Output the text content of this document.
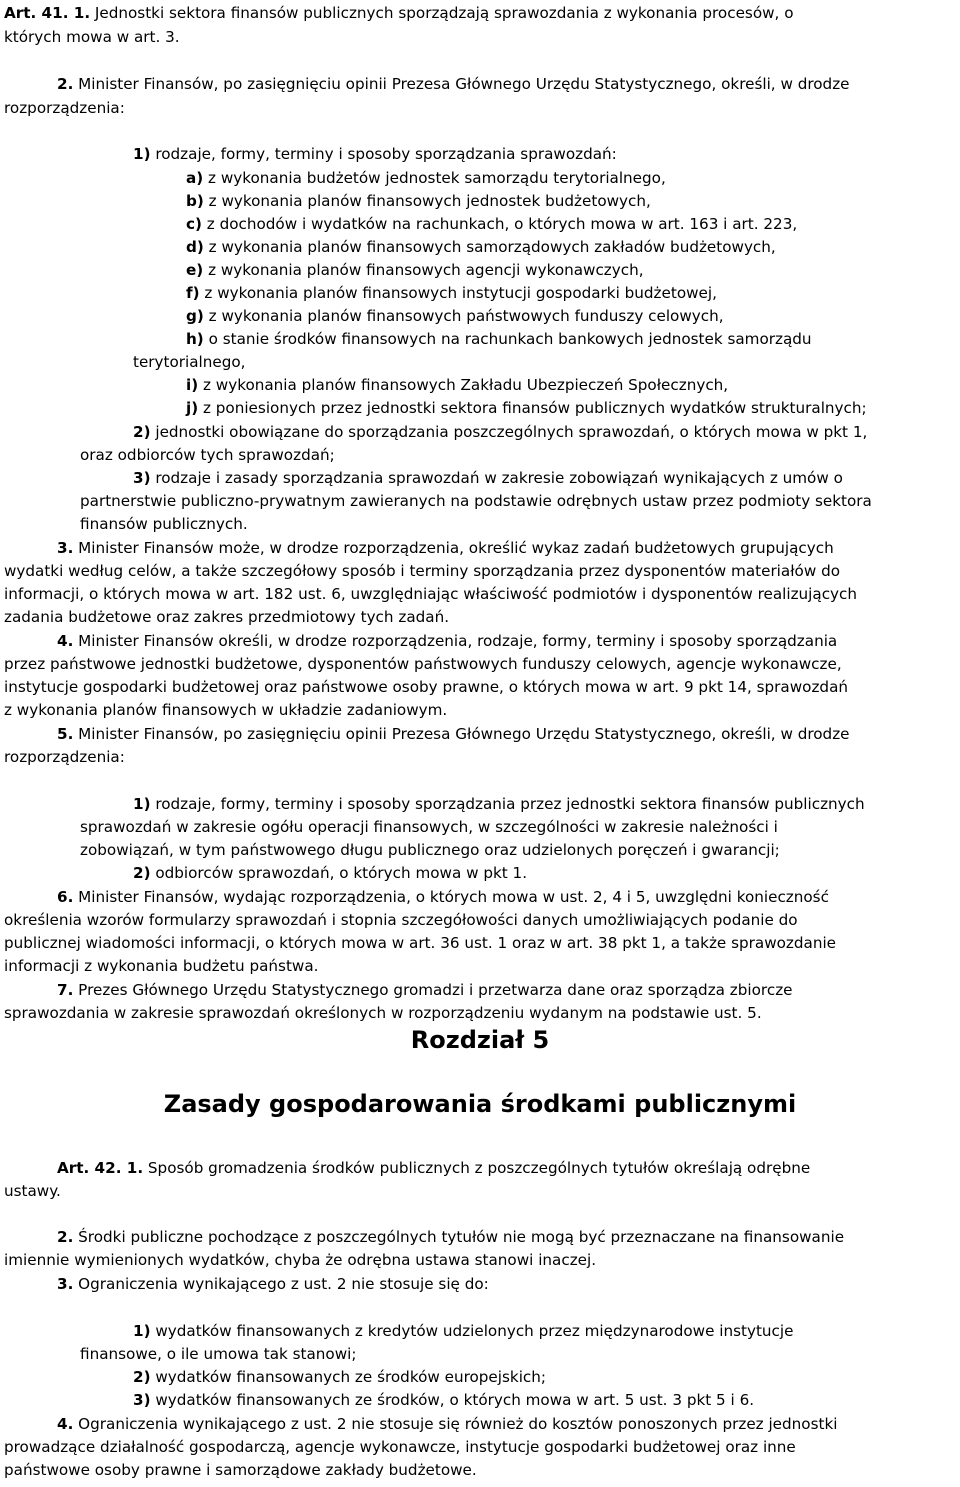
Art. 41. 1. Jednostki sektora finansów publicznych sporządzają sprawozdania z wykonania procesów, o
których mowa w art. 3.
2. Minister Finansów, po zasięgnięciu opinii Prezesa Głównego Urzędu Statystycznego, określi, w drodze
rozporządzenia:
1) rodzaje, formy, terminy i sposoby sporządzania sprawozdań:
a) z wykonania budżetów jednostek samorządu terytorialnego,
b) z wykonania planów finansowych jednostek budżetowych,
c) z dochodów i wydatków na rachunkach, o których mowa w art. 163 i art. 223,
d) z wykonania planów finansowych samorządowych zakładów budżetowych,
e) z wykonania planów finansowych agencji wykonawczych,
f) z wykonania planów finansowych instytucji gospodarki budżetowej,
g) z wykonania planów finansowych państwowych funduszy celowych,
h) o stanie środków finansowych na rachunkach bankowych jednostek samorządu
terytorialnego,
i) z wykonania planów finansowych Zakładu Ubezpieczeń Społecznych,
j) z poniesionych przez jednostki sektora finansów publicznych wydatków strukturalnych;
2) jednostki obowiązane do sporządzania poszczególnych sprawozdań, o których mowa w pkt 1,
oraz odbiorców tych sprawozdań;
3) rodzaje i zasady sporządzania sprawozdań w zakresie zobowiązań wynikających z umów o
partnerstwie publiczno-prywatnym zawieranych na podstawie odrębnych ustaw przez podmioty sektora
finansów publicznych.
3. Minister Finansów może, w drodze rozporządzenia, określić wykaz zadań budżetowych grupujących
wydatki według celów, a także szczegółowy sposób i terminy sporządzania przez dysponentów materiałów do
informacji, o których mowa w art. 182 ust. 6, uwzględniając właściwość podmiotów i dysponentów realizujących
zadania budżetowe oraz zakres przedmiotowy tych zadań.
4. Minister Finansów określi, w drodze rozporządzenia, rodzaje, formy, terminy i sposoby sporządzania
przez państwowe jednostki budżetowe, dysponentów państwowych funduszy celowych, agencje wykonawcze,
instytucje gospodarki budżetowej oraz państwowe osoby prawne, o których mowa w art. 9 pkt 14, sprawozdań
z wykonania planów finansowych w układzie zadaniowym.
5. Minister Finansów, po zasięgnięciu opinii Prezesa Głównego Urzędu Statystycznego, określi, w drodze
rozporządzenia:
1) rodzaje, formy, terminy i sposoby sporządzania przez jednostki sektora finansów publicznych
sprawozdań w zakresie ogółu operacji finansowych, w szczególności w zakresie należności i
zobowiązań, w tym państwowego długu publicznego oraz udzielonych poręczeń i gwarancji;
2) odbiorców sprawozdań, o których mowa w pkt 1.
6. Minister Finansów, wydając rozporządzenia, o których mowa w ust. 2, 4 i 5, uwzględni konieczność
określenia wzorów formularzy sprawozdań i stopnia szczegółowości danych umożliwiających podanie do
publicznej wiadomości informacji, o których mowa w art. 36 ust. 1 oraz w art. 38 pkt 1, a także sprawozdanie
informacji z wykonania budżetu państwa.
7. Prezes Głównego Urzędu Statystycznego gromadzi i przetwarza dane oraz sporządza zbiorcze
sprawozdania w zakresie sprawozdań określonych w rozporządzeniu wydanym na podstawie ust. 5.
Rozdział 5
Zasady gospodarowania środkami publicznymi
Art. 42. 1. Sposób gromadzenia środków publicznych z poszczególnych tytułów określają odrębne
ustawy.
2. Środki publiczne pochodzące z poszczególnych tytułów nie mogą być przeznaczane na finansowanie
imiennie wymienionych wydatków, chyba że odrębna ustawa stanowi inaczej.
3. Ograniczenia wynikającego z ust. 2 nie stosuje się do:
1) wydatków finansowanych z kredytów udzielonych przez międzynarodowe instytucje
finansowe, o ile umowa tak stanowi;
2) wydatków finansowanych ze środków europejskich;
3) wydatków finansowanych ze środków, o których mowa w art. 5 ust. 3 pkt 5 i 6.
4. Ograniczenia wynikającego z ust. 2 nie stosuje się również do kosztów ponoszonych przez jednostki
prowadzące działalność gospodarczą, agencje wykonawcze, instytucje gospodarki budżetowej oraz inne
państwowe osoby prawne i samorządowe zakłady budżetowe.
